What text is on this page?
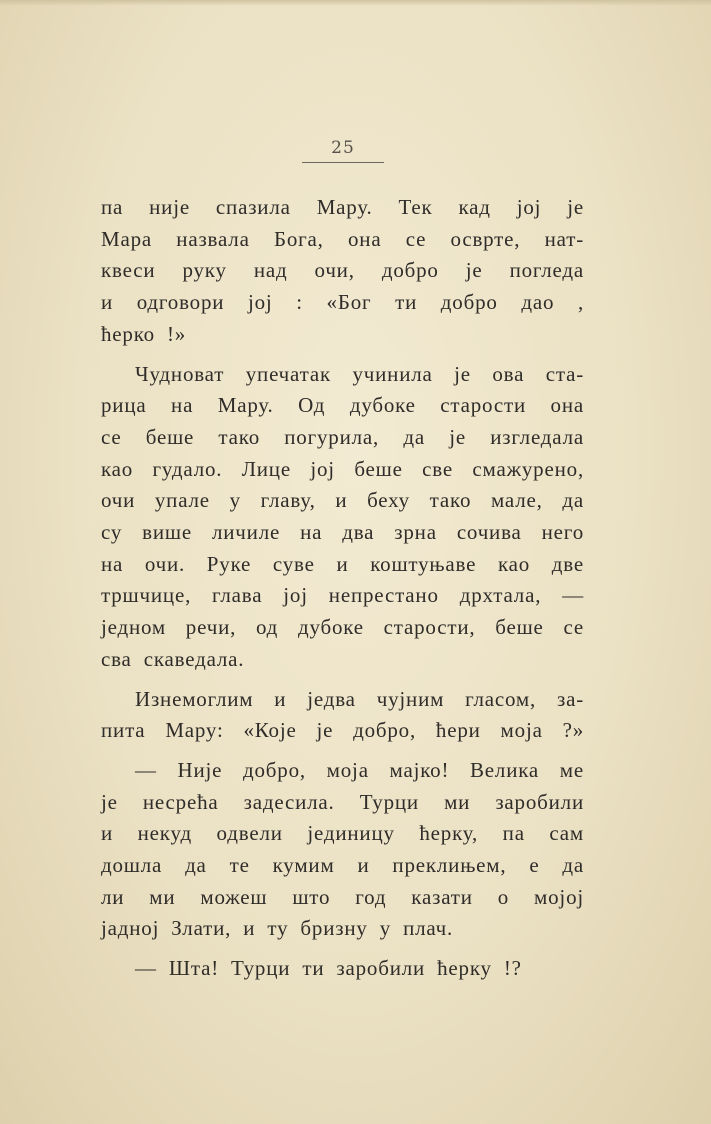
25
па није спазила Мару. Тек кад јој је
Мара назвала Бога, она се осврте, нат-
квеси руку над очи, добро је погледа
и одговори јој : «Бог ти добро дао ,
ћерко !»
Чудноват упечатак учинила је ова ста-
рица на Мару. Од дубоке старости она
се беше тако погурила, да је изгледала
као гудало. Лице јој беше све смажурено,
очи упале у главу, и беху тако мале, да
су више личиле на два зрна сочива него
на очи. Руке суве и коштуњаве као две
тршчице, глава јој непрестано дрхтала, —
једном речи, од дубоке старости, беше се
сва скаведала.
Изнемоглим и једва чујним гласом, за-
пита Мару: «Које је добро, ћери моја ?»
— Није добро, моја мајко! Велика ме
је несрећа задесила. Турци ми заробили
и некуд одвели јединицу ћерку, па сам
дошла да те кумим и преклињем, е да
ли ми можеш што год казати о мојој
јадној Злати, и ту бризну у плач.
— Шта! Турци ти заробили ћерку !?
